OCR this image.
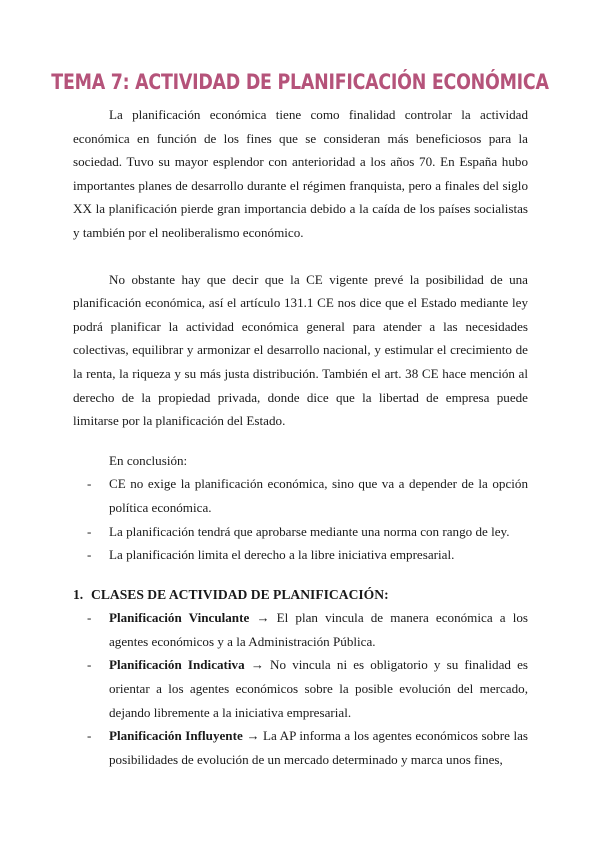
TEMA 7: ACTIVIDAD DE PLANIFICACIÓN ECONÓMICA

La planificación económica tiene como finalidad controlar la actividad económica en función de los fines que se consideran más beneficiosos para la sociedad. Tuvo su mayor esplendor con anterioridad a los años 70. En España hubo importantes planes de desarrollo durante el régimen franquista, pero a finales del siglo XX la planificación pierde gran importancia debido a la caída de los países socialistas y también por el neoliberalismo económico.

No obstante hay que decir que la CE vigente prevé la posibilidad de una planificación económica, así el artículo 131.1 CE nos dice que el Estado mediante ley podrá planificar la actividad económica general para atender a las necesidades colectivas, equilibrar y armonizar el desarrollo nacional, y estimular el crecimiento de la renta, la riqueza y su más justa distribución. También el art. 38 CE hace mención al derecho de la propiedad privada, donde dice que la libertad de empresa puede limitarse por la planificación del Estado.

En conclusión:

- CE no exige la planificación económica, sino que va a depender de la opción política económica.
- La planificación tendrá que aprobarse mediante una norma con rango de ley.
- La planificación limita el derecho a la libre iniciativa empresarial.
1. CLASES DE ACTIVIDAD DE PLANIFICACIÓN:
- Planificación Vinculante → El plan vincula de manera económica a los agentes económicos y a la Administración Pública.
- Planificación Indicativa → No vincula ni es obligatorio y su finalidad es orientar a los agentes económicos sobre la posible evolución del mercado, dejando libremente a la iniciativa empresarial.
- Planificación Influyente → La AP informa a los agentes económicos sobre las posibilidades de evolución de un mercado determinado y marca unos fines,
